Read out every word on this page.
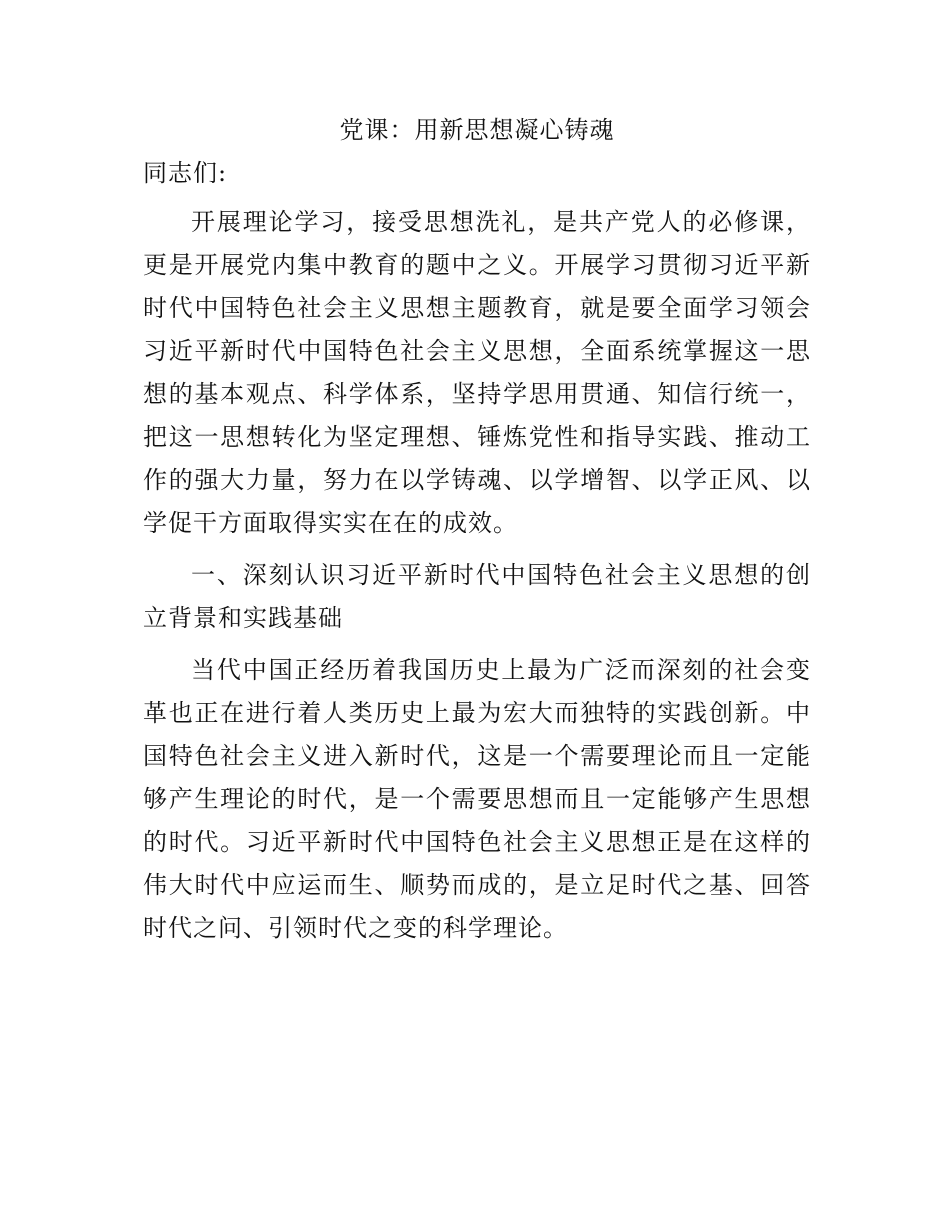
党课：用新思想凝心铸魂

同志们:

开展理论学习，接受思想洗礼，是共产党人的必修课，更是开展党内集中教育的题中之义。开展学习贯彻习近平新时代中国特色社会主义思想主题教育，就是要全面学习领会习近平新时代中国特色社会主义思想，全面系统掌握这一思想的基本观点、科学体系，坚持学思用贯通、知信行统一，把这一思想转化为坚定理想、锤炼党性和指导实践、推动工作的强大力量，努力在以学铸魂、以学增智、以学正风、以学促干方面取得实实在在的成效。

一、深刻认识习近平新时代中国特色社会主义思想的创立背景和实践基础

当代中国正经历着我国历史上最为广泛而深刻的社会变革也正在进行着人类历史上最为宏大而独特的实践创新。中国特色社会主义进入新时代，这是一个需要理论而且一定能够产生理论的时代，是一个需要思想而且一定能够产生思想的时代。习近平新时代中国特色社会主义思想正是在这样的伟大时代中应运而生、顺势而成的，是立足时代之基、回答时代之问、引领时代之变的科学理论。
